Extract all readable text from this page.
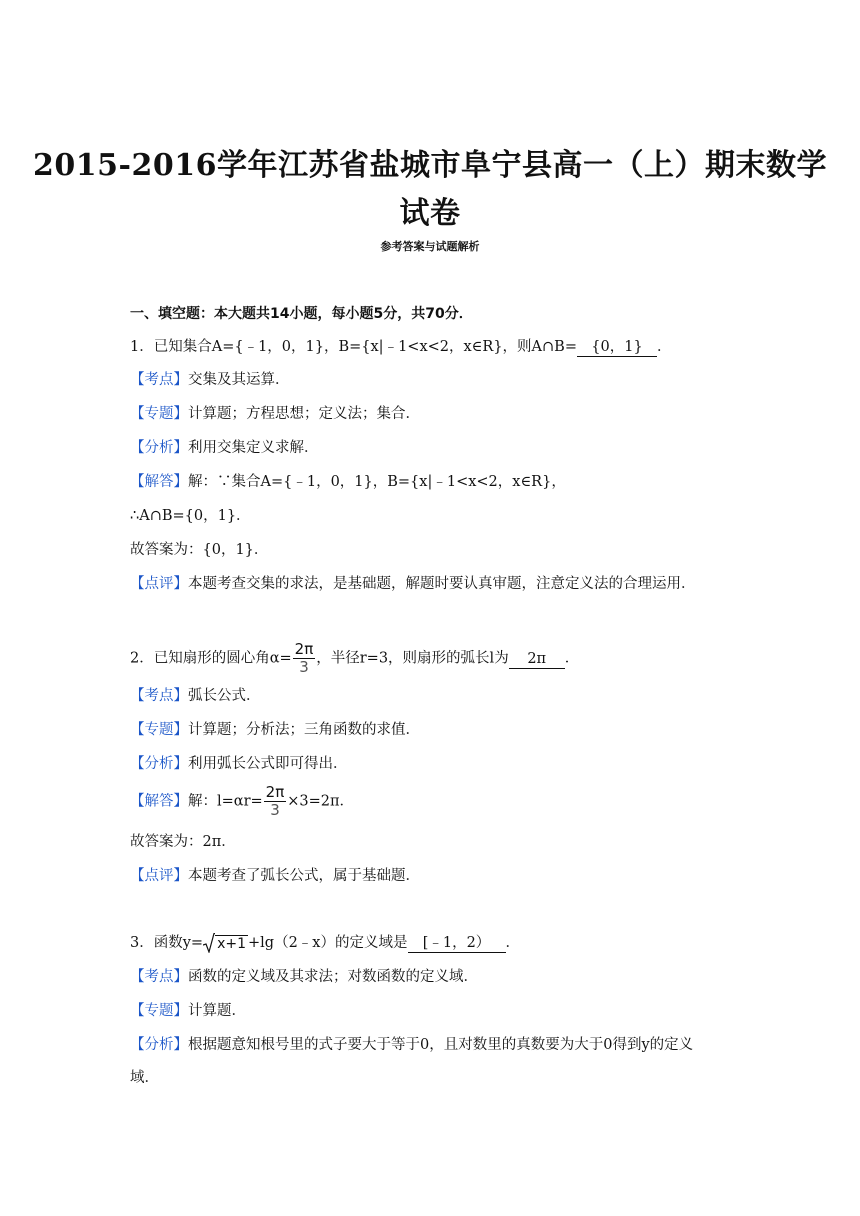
2015-2016学年江苏省盐城市阜宁县高一（上）期末数学
试卷
参考答案与试题解析
一、填空题：本大题共14小题，每小题5分，共70分．
1．已知集合A={﹣1，0，1}，B={x|﹣1<x<2，x∈R}，则A∩B= {0，1} ．
【考点】交集及其运算．
【专题】计算题；方程思想；定义法；集合．
【分析】利用交集定义求解．
【解答】解：∵集合A={﹣1，0，1}，B={x|﹣1<x<2，x∈R}，
∴A∩B={0，1}．
故答案为：{0，1}．
【点评】本题考查交集的求法，是基础题，解题时要认真审题，注意定义法的合理运用．
2．已知扇形的圆心角$\alpha= \frac{2\pi}{3}$ ，半径r=3，则扇形的弧长l为 2π ．
【考点】弧长公式．
【专题】计算题；分析法；三角函数的求值．
【分析】利用弧长公式即可得出．
【解答】解：$l=\alpha r= \frac{2\pi}{3} \times 3=2\pi$．
故答案为：2π．
【点评】本题考查了弧长公式，属于基础题．
3．函数y= x+1 +lg（2﹣x）的定义域是 [﹣1，2） ．
【考点】函数的定义域及其求法；对数函数的定义域．
【专题】计算题．
【分析】根据题意知根号里的式子要大于等于0，且对数里的真数要为大于0得到y的定义
域．
